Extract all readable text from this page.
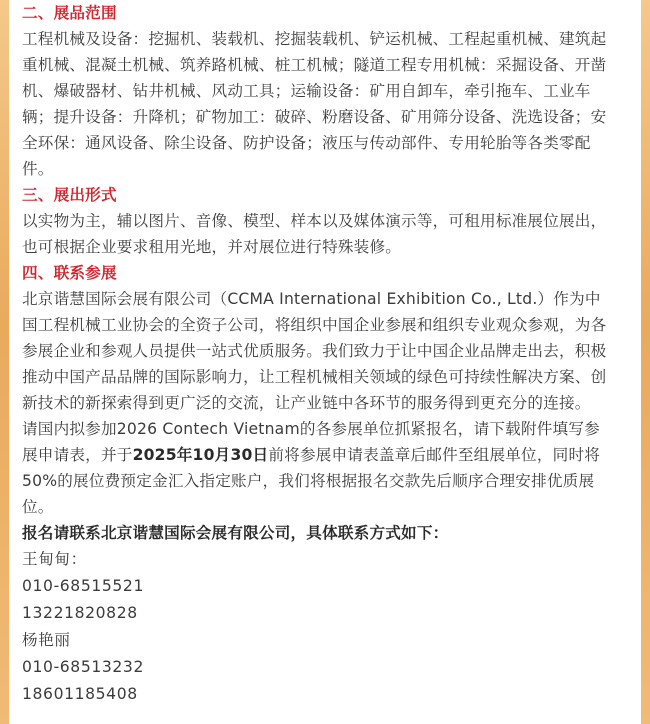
二、展品范围
工程机械及设备：挖掘机、装载机、挖掘装载机、铲运机械、工程起重机械、建筑起
重机械、混凝土机械、筑养路机械、桩工机械；隧道工程专用机械：采掘设备、开凿
机、爆破器材、钻井机械、风动工具；运输设备：矿用自卸车，牵引拖车、工业车
辆；提升设备：升降机；矿物加工：破碎、粉磨设备、矿用筛分设备、洗选设备；安
全环保：通风设备、除尘设备、防护设备；液压与传动部件、专用轮胎等各类零配
件。
三、展出形式
以实物为主，辅以图片、音像、模型、样本以及媒体演示等，可租用标准展位展出，
也可根据企业要求租用光地，并对展位进行特殊装修。
四、联系参展
北京谐慧国际会展有限公司（CCMA International Exhibition Co., Ltd.）作为中
国工程机械工业协会的全资子公司，将组织中国企业参展和组织专业观众参观，为各
参展企业和参观人员提供一站式优质服务。我们致力于让中国企业品牌走出去，积极
推动中国产品品牌的国际影响力，让工程机械相关领域的绿色可持续性解决方案、创
新技术的新探索得到更广泛的交流，让产业链中各环节的服务得到更充分的连接。
请国内拟参加2026 Contech Vietnam的各参展单位抓紧报名，请下载附件填写参
展申请表，并于2025年10月30日前将参展申请表盖章后邮件至组展单位，同时将
50%的展位费预定金汇入指定账户，我们将根据报名交款先后顺序合理安排优质展
位。
报名请联系北京谐慧国际会展有限公司，具体联系方式如下：
王甸甸：
010-68515521
13221820828
杨艳丽
010-68513232
18601185408
